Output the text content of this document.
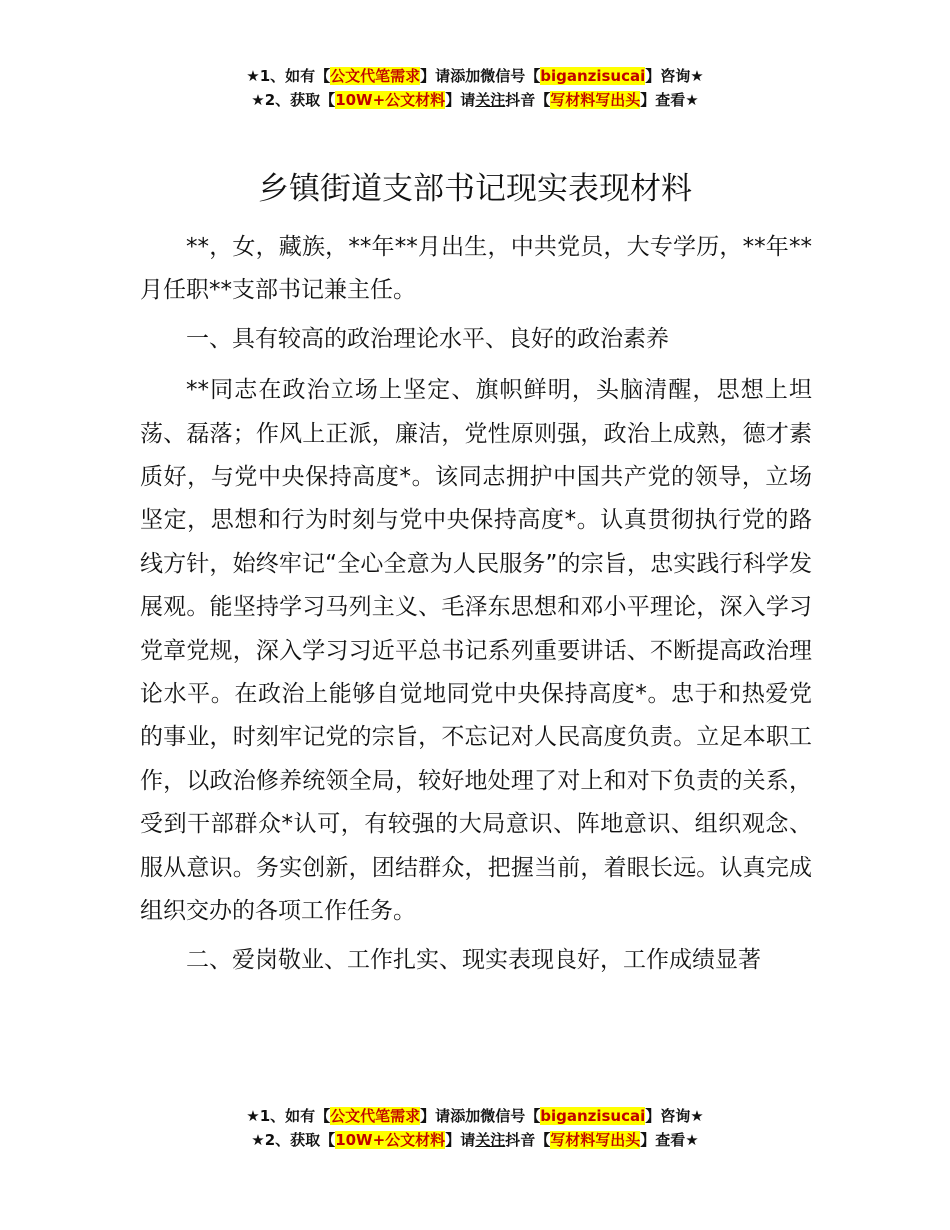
★1、如有【公文代笔需求】请添加微信号【biganzisucai】咨询★
★2、获取【10W+公文材料】请关注抖音【写材料写出头】查看★
乡镇街道支部书记现实表现材料

**，女，藏族，**年**月出生，中共党员，大专学历，**年**月任职**支部书记兼主任。

一、具有较高的政治理论水平、良好的政治素养

**同志在政治立场上坚定、旗帜鲜明，头脑清醒，思想上坦荡、磊落；作风上正派，廉洁，党性原则强，政治上成熟，德才素质好，与党中央保持高度*。该同志拥护中国共产党的领导，立场坚定，思想和行为时刻与党中央保持高度*。认真贯彻执行党的路线方针，始终牢记“全心全意为人民服务”的宗旨，忠实践行科学发展观。能坚持学习马列主义、毛泽东思想和邓小平理论，深入学习党章党规，深入学习习近平总书记系列重要讲话、不断提高政治理论水平。在政治上能够自觉地同党中央保持高度*。忠于和热爱党的事业，时刻牢记党的宗旨，不忘记对人民高度负责。立足本职工作，以政治修养统领全局，较好地处理了对上和对下负责的关系，受到干部群众*认可，有较强的大局意识、阵地意识、组织观念、服从意识。务实创新，团结群众，把握当前，着眼长远。认真完成组织交办的各项工作任务。

二、爱岗敬业、工作扎实、现实表现良好，工作成绩显著

★1、如有【公文代笔需求】请添加微信号【biganzisucai】咨询★
★2、获取【10W+公文材料】请关注抖音【写材料写出头】查看★
